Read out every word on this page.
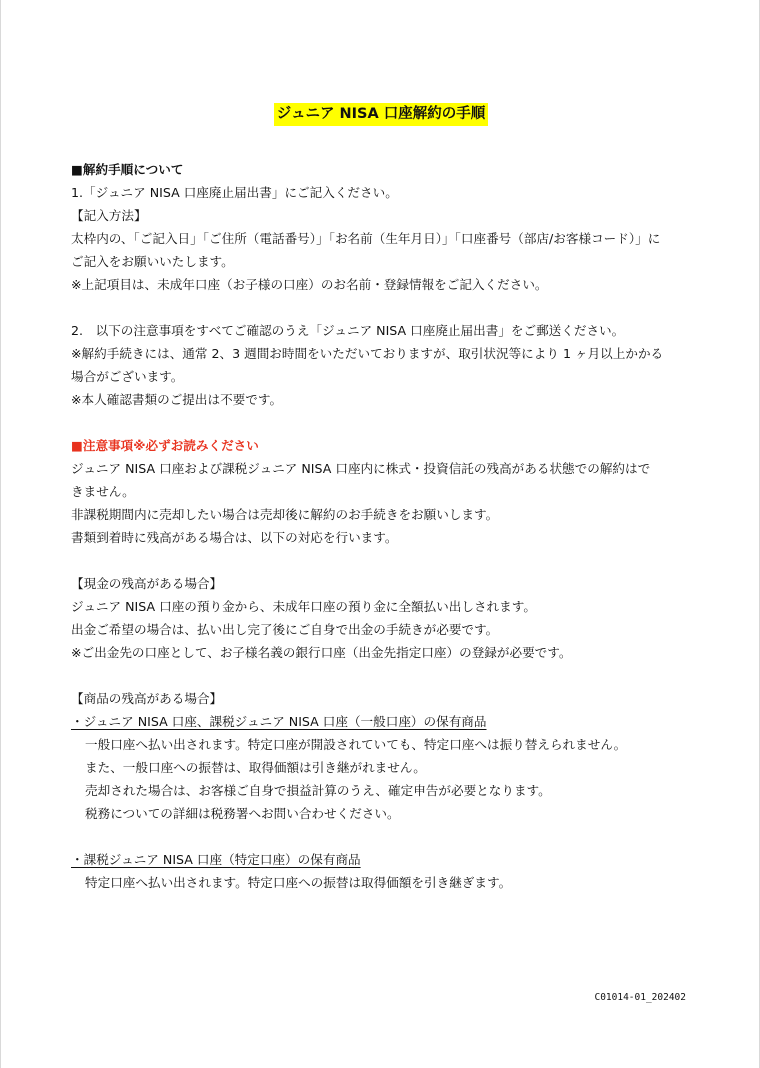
ジュニア NISA 口座解約の手順
■解約手順について
1.「ジュニア NISA 口座廃止届出書」にご記入ください。
【記入方法】
太枠内の、「ご記入日」「ご住所（電話番号）」「お名前（生年月日）」「口座番号（部店/お客様コード）」に
ご記入をお願いいたします。
※上記項目は、未成年口座（お子様の口座）のお名前・登録情報をご記入ください。
2.　以下の注意事項をすべてご確認のうえ「ジュニア NISA 口座廃止届出書」をご郵送ください。
※解約手続きには、通常 2、3 週間お時間をいただいておりますが、取引状況等により 1 ヶ月以上かかる
場合がございます。
※本人確認書類のご提出は不要です。
■注意事項※必ずお読みください
ジュニア NISA 口座および課税ジュニア NISA 口座内に株式・投資信託の残高がある状態での解約はで
きません。
非課税期間内に売却したい場合は売却後に解約のお手続きをお願いします。
書類到着時に残高がある場合は、以下の対応を行います。
【現金の残高がある場合】
ジュニア NISA 口座の預り金から、未成年口座の預り金に全額払い出しされます。
出金ご希望の場合は、払い出し完了後にご自身で出金の手続きが必要です。
※ご出金先の口座として、お子様名義の銀行口座（出金先指定口座）の登録が必要です。
【商品の残高がある場合】
・ジュニア NISA 口座、課税ジュニア NISA 口座（一般口座）の保有商品
一般口座へ払い出されます。特定口座が開設されていても、特定口座へは振り替えられません。
また、一般口座への振替は、取得価額は引き継がれません。
売却された場合は、お客様ご自身で損益計算のうえ、確定申告が必要となります。
税務についての詳細は税務署へお問い合わせください。
・課税ジュニア NISA 口座（特定口座）の保有商品
特定口座へ払い出されます。特定口座への振替は取得価額を引き継ぎます。
C01014-01_202402
